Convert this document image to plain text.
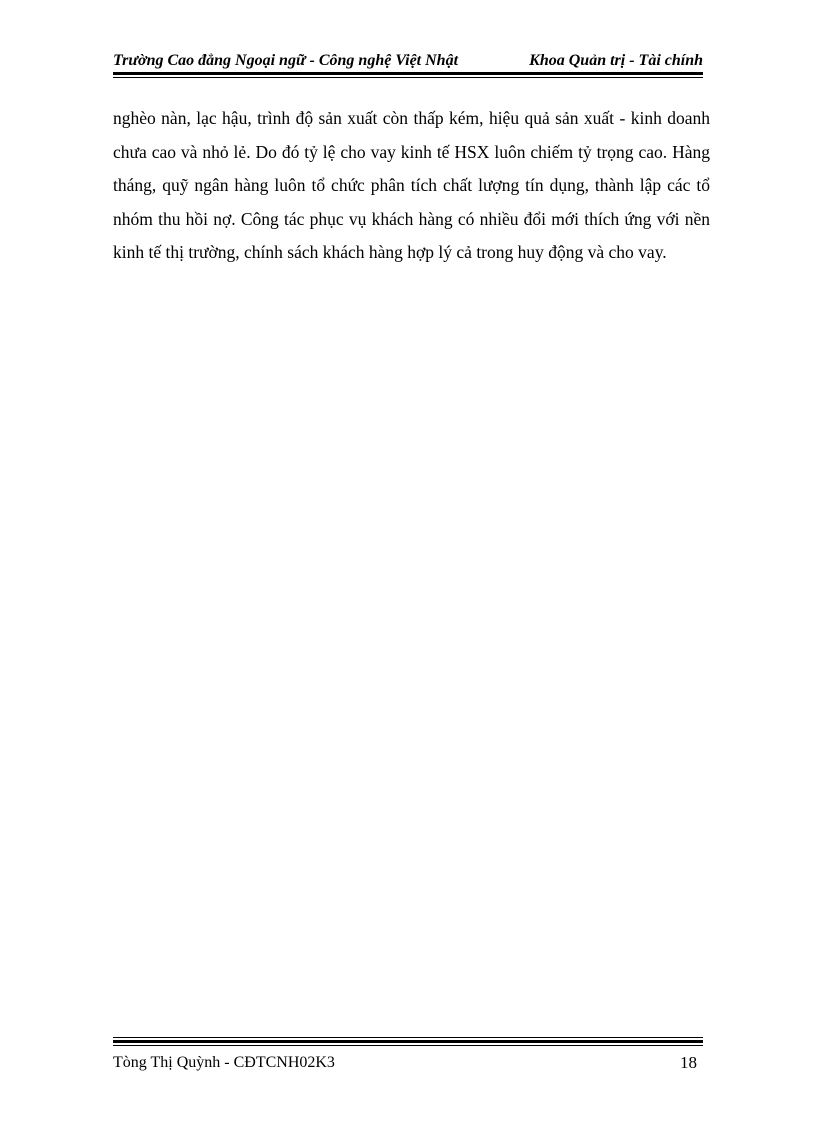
Trường Cao đẳng Ngoại ngữ - Công nghệ Việt Nhật	Khoa Quản trị - Tài chính

nghèo nàn, lạc hậu, trình độ sản xuất còn thấp kém, hiệu quả sản xuất - kinh doanh chưa cao và nhỏ lẻ. Do đó tỷ lệ cho vay kinh tế HSX luôn chiếm tỷ trọng cao. Hàng tháng, quỹ ngân hàng luôn tổ chức phân tích chất lượng tín dụng, thành lập các tổ nhóm thu hồi nợ. Công tác phục vụ khách hàng có nhiều đổi mới thích ứng với nền kinh tế thị trường, chính sách khách hàng hợp lý cả trong huy động và cho vay.

Tòng Thị Quỳnh - CĐTCNH02K3	18
